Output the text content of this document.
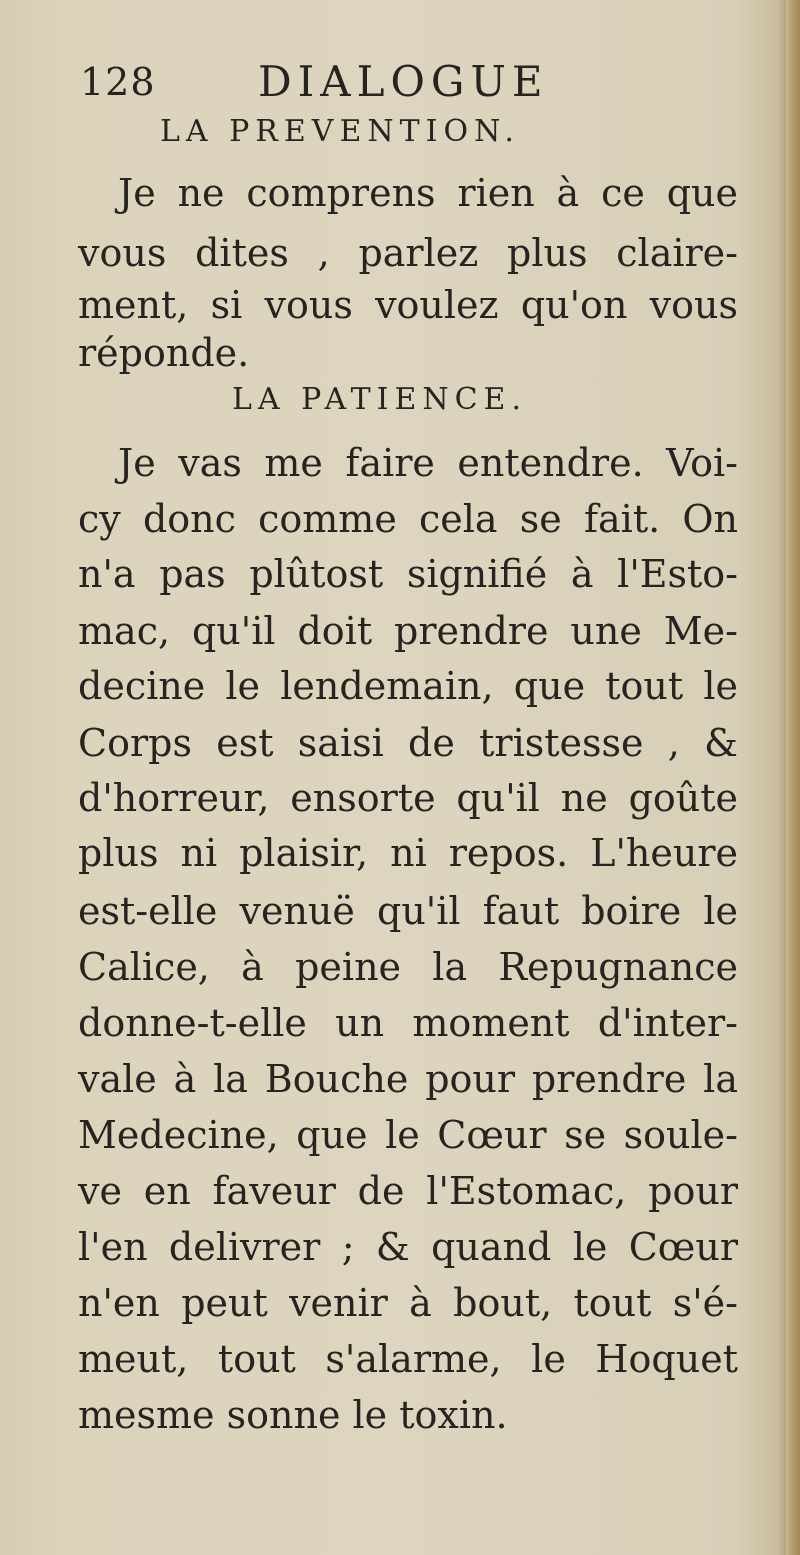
128 DIALOGUE
LA PREVENTION.
Je ne comprens rien à ce que
vous dites , parlez plus claire-
ment, si vous voulez qu'on vous
réponde.
LA PATIENCE.
Je vas me faire entendre. Voi-
cy donc comme cela se fait. On
n'a pas plûtost signifié à l'Esto-
mac, qu'il doit prendre une Me-
decine le lendemain, que tout le
Corps est saisi de tristesse , &
d'horreur, ensorte qu'il ne goûte
plus ni plaisir, ni repos. L'heure
est-elle venuë qu'il faut boire le
Calice, à peine la Repugnance
donne-t-elle un moment d'inter-
vale à la Bouche pour prendre la
Medecine, que le Cœur se soule-
ve en faveur de l'Estomac, pour
l'en delivrer ; & quand le Cœur
n'en peut venir à bout, tout s'é-
meut, tout s'alarme, le Hoquet
mesme sonne le toxin.
